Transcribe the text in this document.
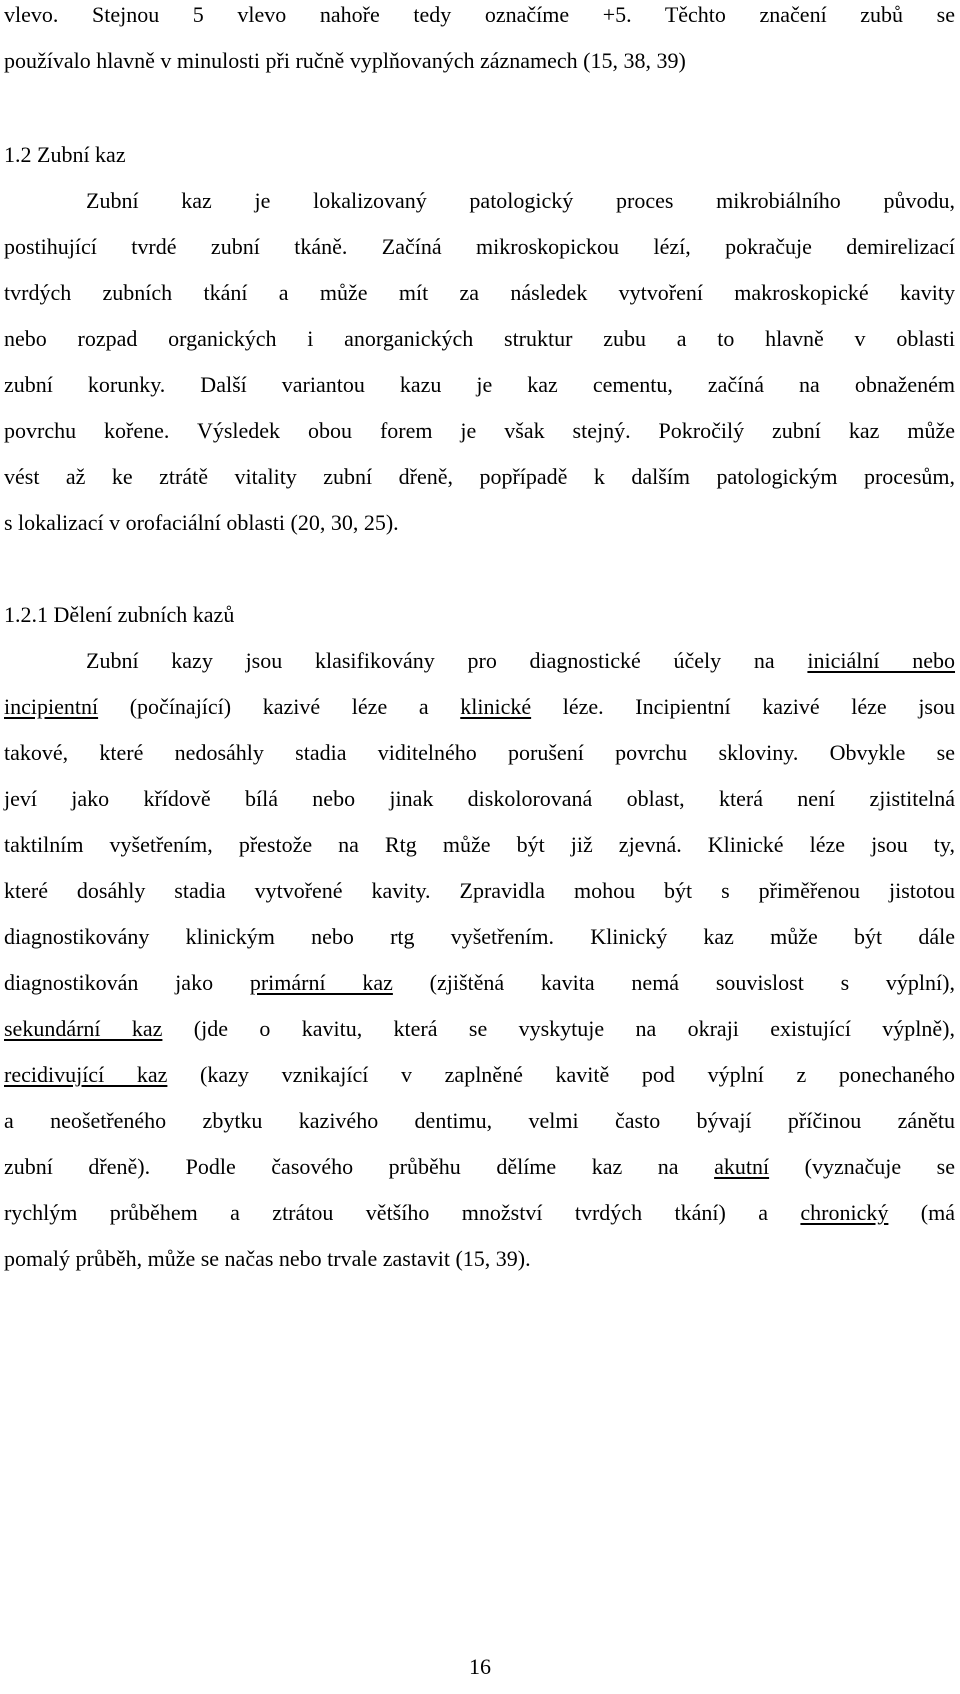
vlevo. Stejnou 5 vlevo nahoře tedy označíme +5. Těchto značení zubů se
používalo hlavně v minulosti při ručně vyplňovaných záznamech (15, 38, 39)
1.2 Zubní kaz
Zubní kaz je lokalizovaný patologický proces mikrobiálního původu,
postihující tvrdé zubní tkáně. Začíná mikroskopickou lézí, pokračuje demirelizací
tvrdých zubních tkání a může mít za následek vytvoření makroskopické kavity
nebo rozpad organických i anorganických struktur zubu a to hlavně v oblasti
zubní korunky. Další variantou kazu je kaz cementu, začíná na obnaženém
povrchu kořene. Výsledek obou forem je však stejný. Pokročilý zubní kaz může
vést až ke ztrátě vitality zubní dřeně, popřípadě k dalším patologickým procesům,
s lokalizací v orofaciální oblasti (20, 30, 25).
1.2.1 Dělení zubních kazů
Zubní kazy jsou klasifikovány pro diagnostické účely na iniciální nebo
incipientní (počínající) kazivé léze a klinické léze. Incipientní kazivé léze jsou
takové, které nedosáhly stadia viditelného porušení povrchu skloviny. Obvykle se
jeví jako křídově bílá nebo jinak diskolorovaná oblast, která není zjistitelná
taktilním vyšetřením, přestože na Rtg může být již zjevná. Klinické léze jsou ty,
které dosáhly stadia vytvořené kavity. Zpravidla mohou být s přiměřenou jistotou
diagnostikovány klinickým nebo rtg vyšetřením. Klinický kaz může být dále
diagnostikován jako primární kaz (zjištěná kavita nemá souvislost s výplní),
sekundární kaz (jde o kavitu, která se vyskytuje na okraji existující výplně),
recidivující kaz (kazy vznikající v zaplněné kavitě pod výplní z ponechaného
a neošetřeného zbytku kazivého dentimu, velmi často bývají příčinou zánětu
zubní dřeně). Podle časového průběhu dělíme kaz na akutní (vyznačuje se
rychlým průběhem a ztrátou většího množství tvrdých tkání) a chronický (má
pomalý průběh, může se načas nebo trvale zastavit (15, 39).
16
